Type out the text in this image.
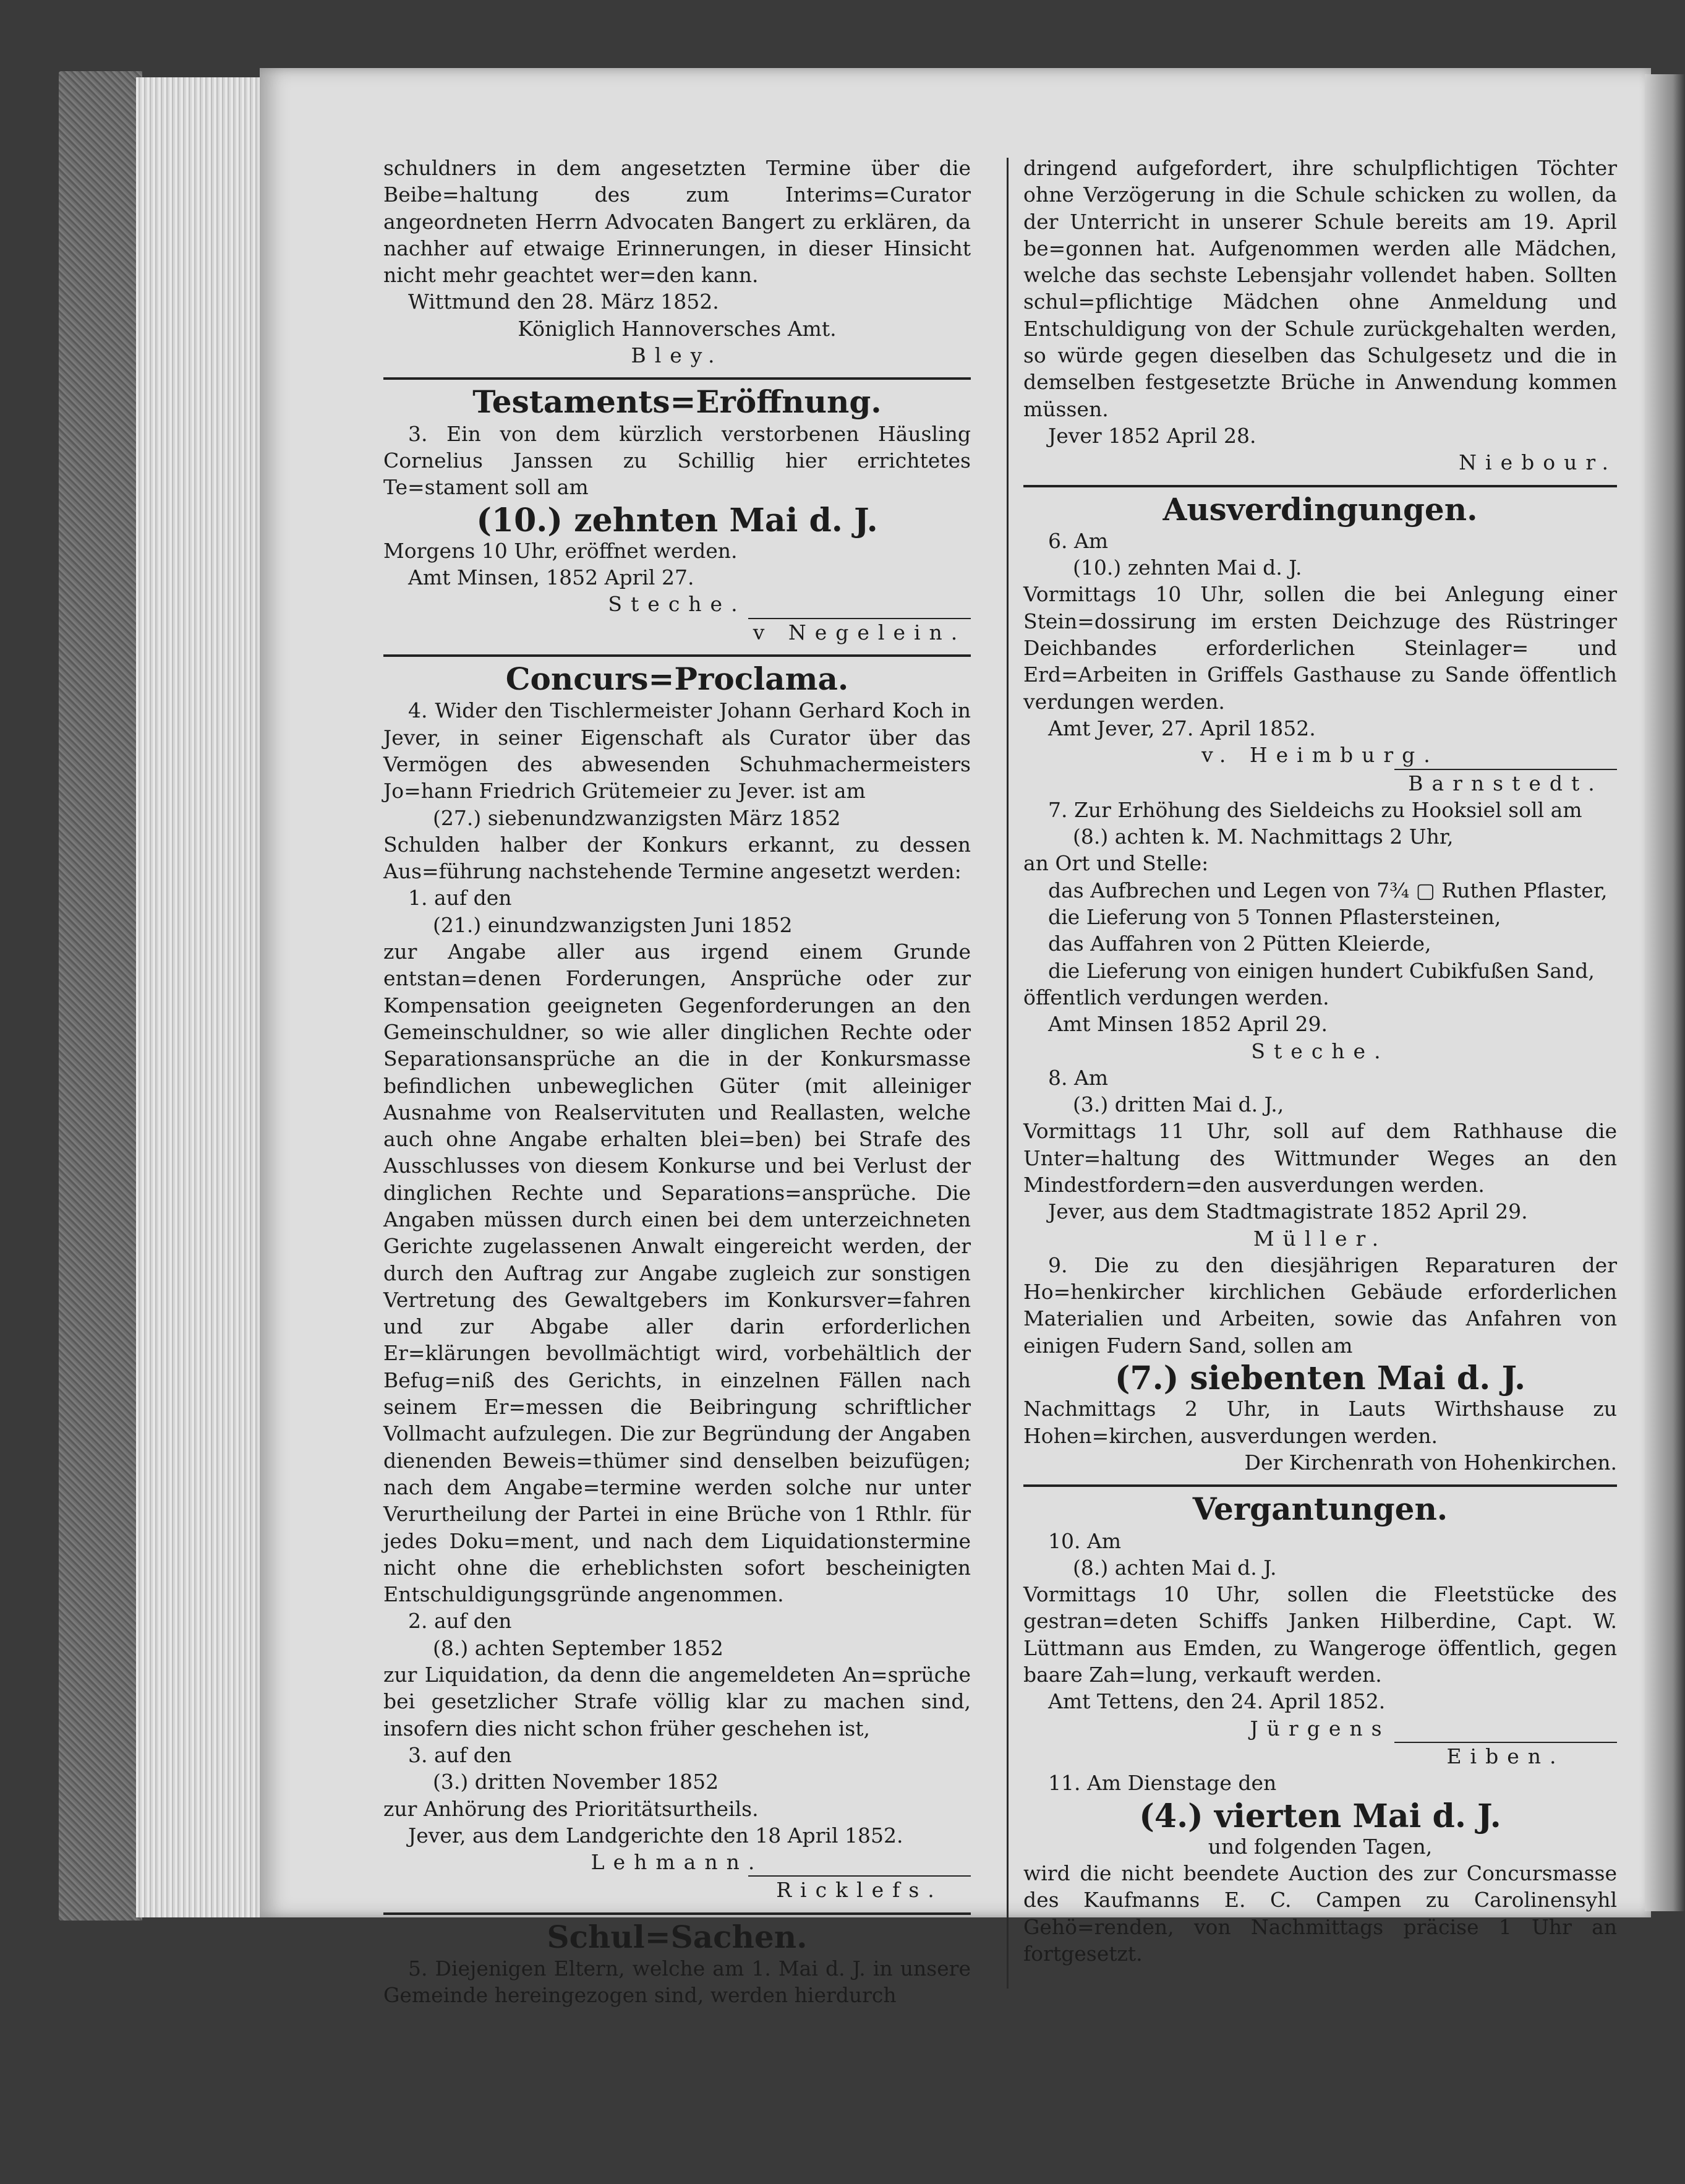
schuldners in dem angesetzten Termine über die Beibe=haltung des zum Interims=Curator angeordneten Herrn Advocaten Bangert zu erklären, da nachher auf etwaige Erinnerungen, in dieser Hinsicht nicht mehr geachtet wer=den kann.

Wittmund den 28. März 1852.

Königlich Hannoversches Amt.

Bley.

Testaments=Eröffnung.

3. Ein von dem kürzlich verstorbenen Häusling Cornelius Janssen zu Schillig hier errichtetes Te=stament soll am

(10.) zehnten Mai d. J.

Morgens 10 Uhr, eröffnet werden.

Amt Minsen, 1852 April 27.

Steche.

v Negelein.

Concurs=Proclama.

4. Wider den Tischlermeister Johann Gerhard Koch in Jever, in seiner Eigenschaft als Curator über das Vermögen des abwesenden Schuhmachermeisters Jo=hann Friedrich Grütemeier zu Jever. ist am

(27.) siebenundzwanzigsten März 1852

Schulden halber der Konkurs erkannt, zu dessen Aus=führung nachstehende Termine angesetzt werden:

1. auf den

(21.) einundzwanzigsten Juni 1852

zur Angabe aller aus irgend einem Grunde entstan=denen Forderungen, Ansprüche oder zur Kompensation geeigneten Gegenforderungen an den Gemeinschuldner, so wie aller dinglichen Rechte oder Separationsansprüche an die in der Konkursmasse befindlichen unbeweglichen Güter (mit alleiniger Ausnahme von Realservituten und Reallasten, welche auch ohne Angabe erhalten blei=ben) bei Strafe des Ausschlusses von diesem Konkurse und bei Verlust der dinglichen Rechte und Separations=ansprüche. Die Angaben müssen durch einen bei dem unterzeichneten Gerichte zugelassenen Anwalt eingereicht werden, der durch den Auftrag zur Angabe zugleich zur sonstigen Vertretung des Gewaltgebers im Konkursver=fahren und zur Abgabe aller darin erforderlichen Er=klärungen bevollmächtigt wird, vorbehältlich der Befug=niß des Gerichts, in einzelnen Fällen nach seinem Er=messen die Beibringung schriftlicher Vollmacht aufzulegen. Die zur Begründung der Angaben dienenden Beweis=thümer sind denselben beizufügen; nach dem Angabe=termine werden solche nur unter Verurtheilung der Partei in eine Brüche von 1 Rthlr. für jedes Doku=ment, und nach dem Liquidationstermine nicht ohne die erheblichsten sofort bescheinigten Entschuldigungsgründe angenommen.

2. auf den

(8.) achten September 1852

zur Liquidation, da denn die angemeldeten An=sprüche bei gesetzlicher Strafe völlig klar zu machen sind, insofern dies nicht schon früher geschehen ist,

3. auf den

(3.) dritten November 1852

zur Anhörung des Prioritätsurtheils.

Jever, aus dem Landgerichte den 18 April 1852.

Lehmann.

Ricklefs.

Schul=Sachen.

5. Diejenigen Eltern, welche am 1. Mai d. J. in unsere Gemeinde hereingezogen sind, werden hierdurch

dringend aufgefordert, ihre schulpflichtigen Töchter ohne Verzögerung in die Schule schicken zu wollen, da der Unterricht in unserer Schule bereits am 19. April be=gonnen hat. Aufgenommen werden alle Mädchen, welche das sechste Lebensjahr vollendet haben. Sollten schul=pflichtige Mädchen ohne Anmeldung und Entschuldigung von der Schule zurückgehalten werden, so würde gegen dieselben das Schulgesetz und die in demselben festgesetzte Brüche in Anwendung kommen müssen.

Jever 1852 April 28.

Niebour.

Ausverdingungen.

6. Am

(10.) zehnten Mai d. J.

Vormittags 10 Uhr, sollen die bei Anlegung einer Stein=dossirung im ersten Deichzuge des Rüstringer Deichbandes erforderlichen Steinlager= und Erd=Arbeiten in Griffels Gasthause zu Sande öffentlich verdungen werden.

Amt Jever, 27. April 1852.

v. Heimburg.

Barnstedt.

7. Zur Erhöhung des Sieldeichs zu Hooksiel soll am

(8.) achten k. M. Nachmittags 2 Uhr,

an Ort und Stelle:

das Aufbrechen und Legen von 7¾ ▢ Ruthen Pflaster,

die Lieferung von 5 Tonnen Pflastersteinen,

das Auffahren von 2 Pütten Kleierde,

die Lieferung von einigen hundert Cubikfußen Sand,

öffentlich verdungen werden.

Amt Minsen 1852 April 29.

Steche.

8. Am

(3.) dritten Mai d. J.,

Vormittags 11 Uhr, soll auf dem Rathhause die Unter=haltung des Wittmunder Weges an den Mindestfordern=den ausverdungen werden.

Jever, aus dem Stadtmagistrate 1852 April 29.

Müller.

9. Die zu den diesjährigen Reparaturen der Ho=henkircher kirchlichen Gebäude erforderlichen Materialien und Arbeiten, sowie das Anfahren von einigen Fudern Sand, sollen am

(7.) siebenten Mai d. J.

Nachmittags 2 Uhr, in Lauts Wirthshause zu Hohen=kirchen, ausverdungen werden.

Der Kirchenrath von Hohenkirchen.

Vergantungen.

10. Am

(8.) achten Mai d. J.

Vormittags 10 Uhr, sollen die Fleetstücke des gestran=deten Schiffs Janken Hilberdine, Capt. W. Lüttmann aus Emden, zu Wangeroge öffentlich, gegen baare Zah=lung, verkauft werden.

Amt Tettens, den 24. April 1852.

Jürgens

Eiben.

11. Am Dienstage den

(4.) vierten Mai d. J.

und folgenden Tagen,

wird die nicht beendete Auction des zur Concursmasse des Kaufmanns E. C. Campen zu Carolinensyhl Gehö=renden, von Nachmittags präcise 1 Uhr an fortgesetzt.
